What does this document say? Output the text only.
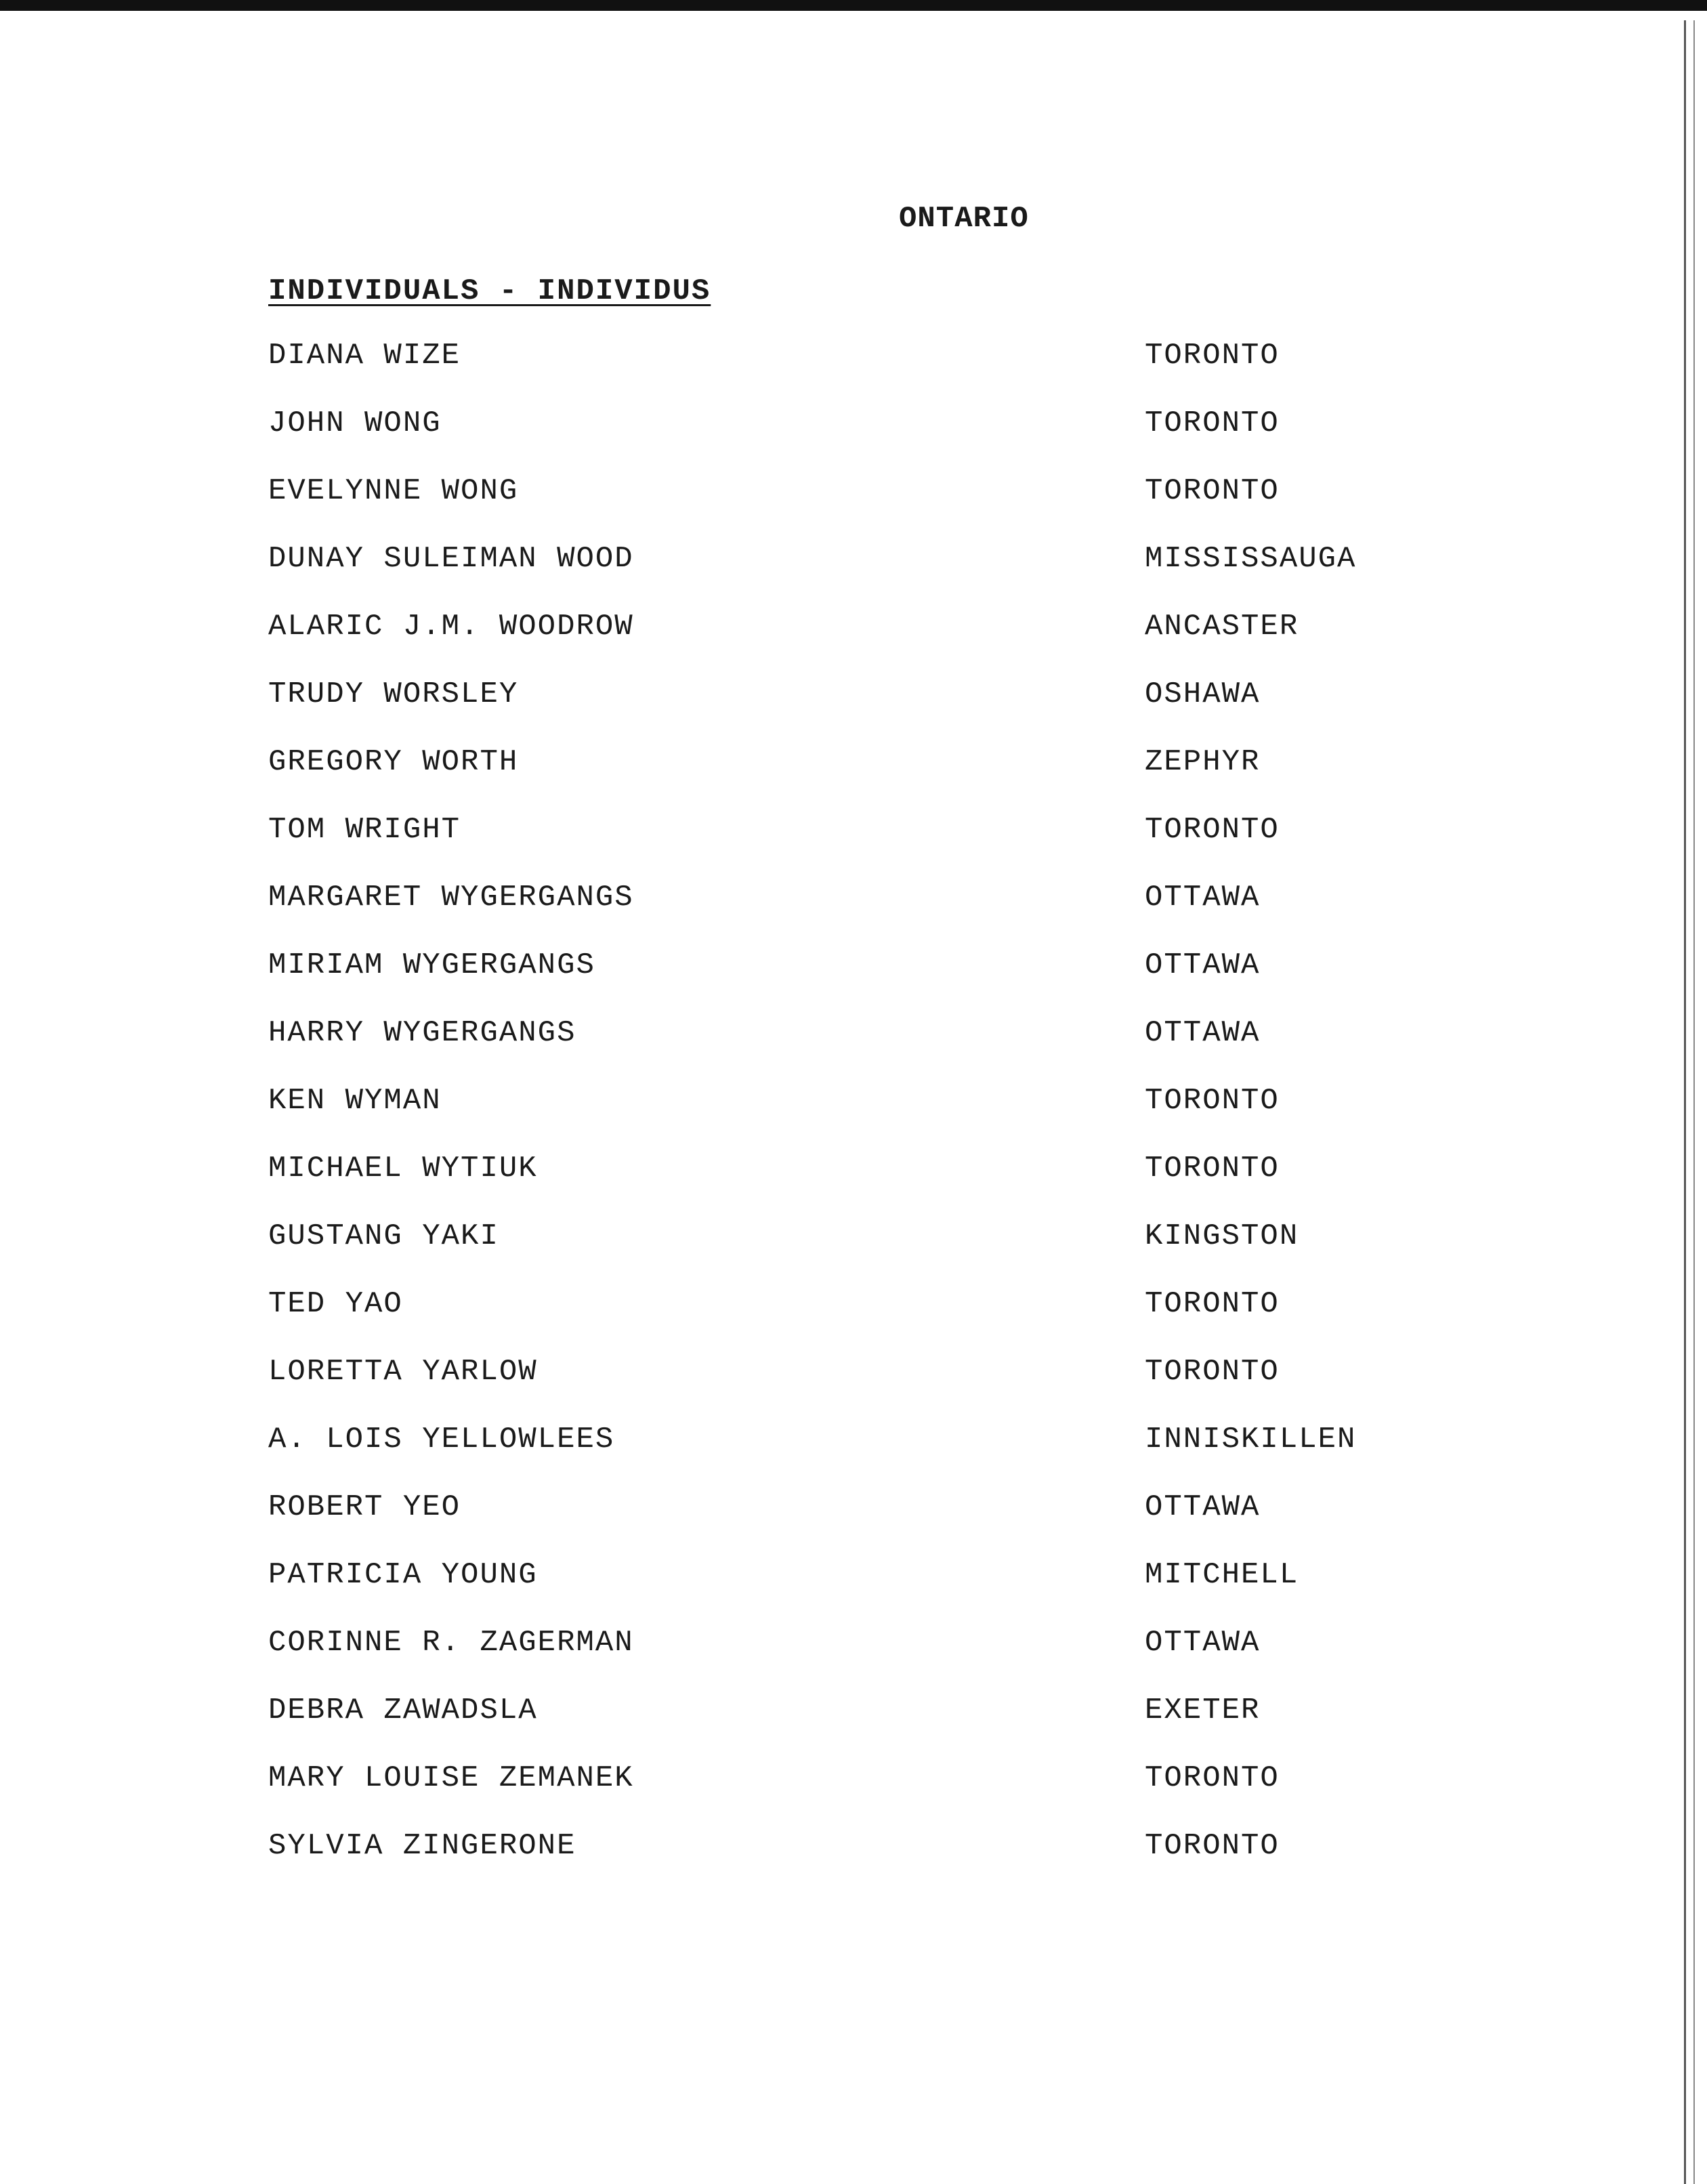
ONTARIO
INDIVIDUALS - INDIVIDUS
DIANA WIZE	TORONTO
JOHN WONG	TORONTO
EVELYNNE WONG	TORONTO
DUNAY SULEIMAN WOOD	MISSISSAUGA
ALARIC J.M. WOODROW	ANCASTER
TRUDY WORSLEY	OSHAWA
GREGORY WORTH	ZEPHYR
TOM WRIGHT	TORONTO
MARGARET WYGERGANGS	OTTAWA
MIRIAM WYGERGANGS	OTTAWA
HARRY WYGERGANGS	OTTAWA
KEN WYMAN	TORONTO
MICHAEL WYTIUK	TORONTO
GUSTANG YAKI	KINGSTON
TED YAO	TORONTO
LORETTA YARLOW	TORONTO
A. LOIS YELLOWLEES	INNISKILLEN
ROBERT YEO	OTTAWA
PATRICIA YOUNG	MITCHELL
CORINNE R. ZAGERMAN	OTTAWA
DEBRA ZAWADSLA	EXETER
MARY LOUISE ZEMANEK	TORONTO
SYLVIA ZINGERONE	TORONTO
